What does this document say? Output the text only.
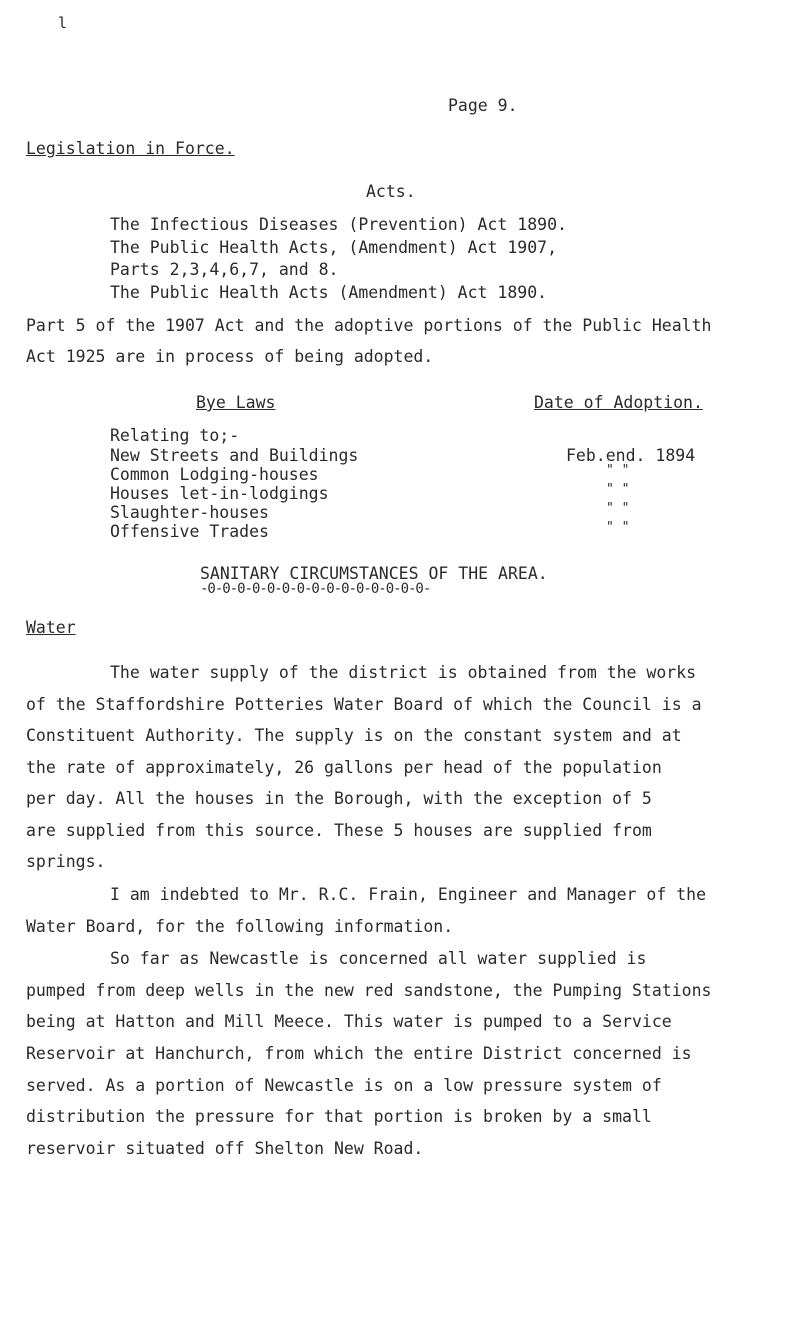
l
Page 9.
Legislation in Force.
Acts.
The Infectious Diseases (Prevention) Act 1890.
The Public Health Acts, (Amendment) Act 1907,
Parts 2,3,4,6,7, and 8.
The Public Health Acts (Amendment) Act 1890.
Part 5 of the 1907 Act and the adoptive portions of the Public Health
Act 1925 are in process of being adopted.
Bye Laws	Date of Adoption.
Relating to;-
New Streets and Buildings	Feb.end. 1894
Common Lodging-houses	" "
Houses let-in-lodgings	" "
Slaughter-houses	" "
Offensive Trades	" "
SANITARY CIRCUMSTANCES OF THE AREA.
-0-0-0-0-0-0-0-0-0-0-0-0-0-0-0-
Water
The water supply of the district is obtained from the works
of the Staffordshire Potteries Water Board of which the Council is a
Constituent Authority. The supply is on the constant system and at
the rate of approximately, 26 gallons per head of the population
per day. All the houses in the Borough, with the exception of 5
are supplied from this source. These 5 houses are supplied from
springs.
I am indebted to Mr. R.C. Frain, Engineer and Manager of the
Water Board, for the following information.
So far as Newcastle is concerned all water supplied is
pumped from deep wells in the new red sandstone, the Pumping Stations
being at Hatton and Mill Meece. This water is pumped to a Service
Reservoir at Hanchurch, from which the entire District concerned is
served. As a portion of Newcastle is on a low pressure system of
distribution the pressure for that portion is broken by a small
reservoir situated off Shelton New Road.
